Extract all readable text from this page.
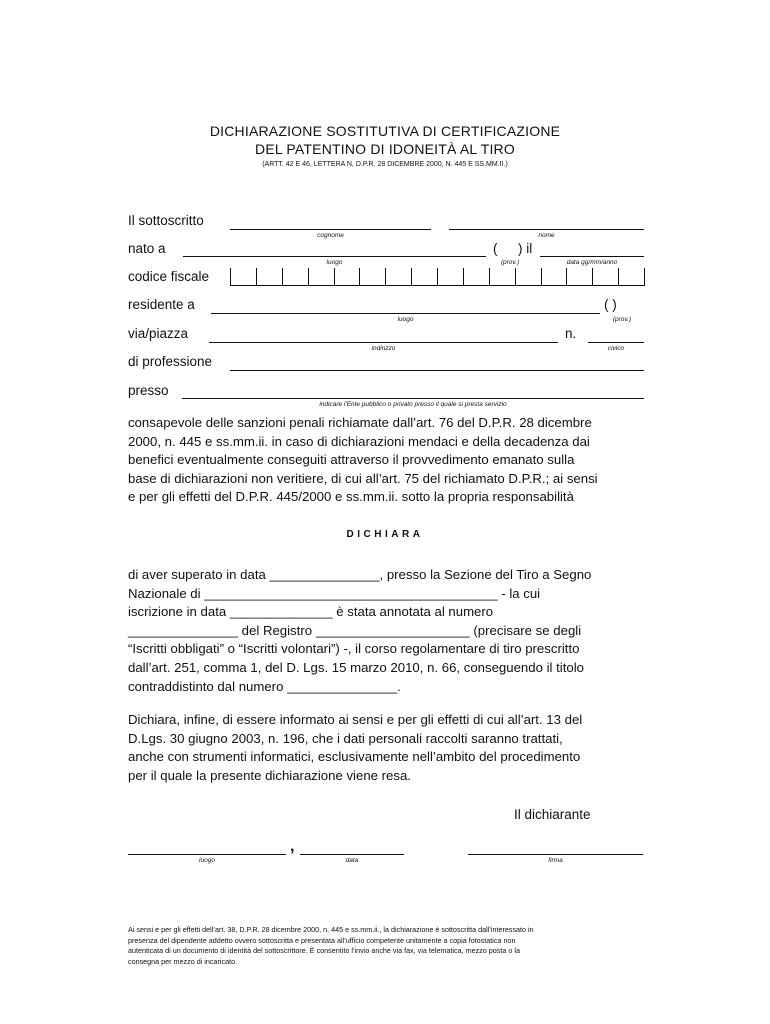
DICHIARAZIONE SOSTITUTIVA DI CERTIFICAZIONE
DEL PATENTINO DI IDONEITÀ AL TIRO
(ARTT. 42 E 46, LETTERA N, D.P.R. 28 DICEMBRE 2000, N. 445 E SS.MM.II.)
Il sottoscritto
cognome	nome
nato a	( ) il
luogo	(prov.)	data gg/mm/anno
codice fiscale
residente a	( )
luogo	(prov.)
via/piazza	n.
indirizzo	civico
di professione
presso
indicare l'Ente pubblico o privato presso il quale si presta servizio
consapevole delle sanzioni penali richiamate dall’art. 76 del D.P.R. 28 dicembre
2000, n. 445 e ss.mm.ii. in caso di dichiarazioni mendaci e della decadenza dai
benefici eventualmente conseguiti attraverso il provvedimento emanato sulla
base di dichiarazioni non veritiere, di cui all’art. 75 del richiamato D.P.R.; ai sensi
e per gli effetti del D.P.R. 445/2000 e ss.mm.ii. sotto la propria responsabilità
DICHIARA
di aver superato in data _______________, presso la Sezione del Tiro a Segno
Nazionale di ________________________________________ - la cui
iscrizione in data ______________ è stata annotata al numero
_______________ del Registro _____________________ (precisare se degli
“Iscritti obbligati” o “Iscritti volontari”) -, il corso regolamentare di tiro prescritto
dall’art. 251, comma 1, del D. Lgs. 15 marzo 2010, n. 66, conseguendo il titolo
contraddistinto dal numero _______________.
Dichiara, infine, di essere informato ai sensi e per gli effetti di cui all’art. 13 del
D.Lgs. 30 giugno 2003, n. 196, che i dati personali raccolti saranno trattati,
anche con strumenti informatici, esclusivamente nell’ambito del procedimento
per il quale la presente dichiarazione viene resa.
Il dichiarante
,
luogo	data	firma
Ai sensi e per gli effetti dell’art. 38, D.P.R. 28 dicembre 2000, n. 445 e ss.mm.ii., la dichiarazione è sottoscritta dall’interessato in
presenza del dipendente addetto ovvero sottoscritta e presentata all’ufficio competente unitamente a copia fotostatica non
autenticata di un documento di identità del sottoscrittore. È consentito l’invio anche via fax, via telematica, mezzo posta o la
consegna per mezzo di incaricato.
